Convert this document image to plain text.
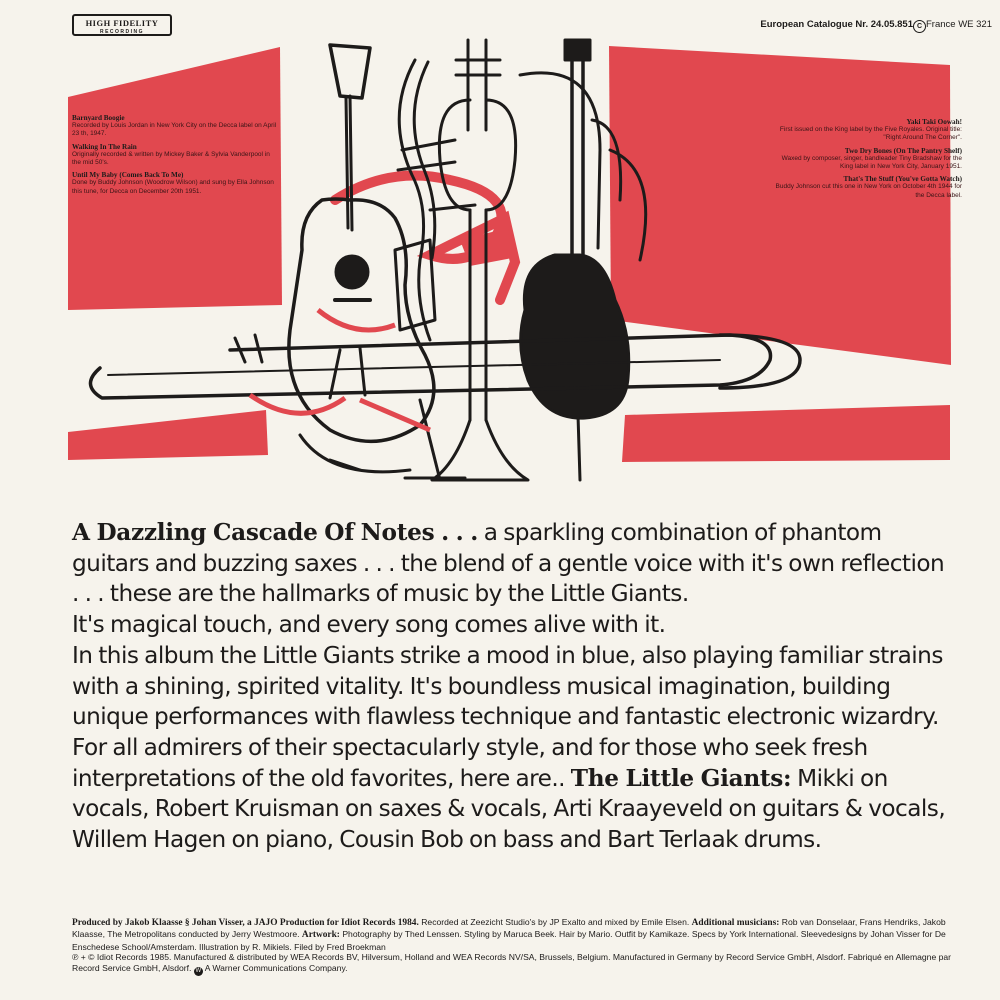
HIGH FIDELITY
RECORDING
European Catalogue Nr. 24.05.851 C France WE 321
Barnyard Boogie
Recorded by Louis Jordan in New York City on the Decca label on April 23 th, 1947.
Walking In The Rain
Originally recorded & written by Mickey Baker & Sylvia Vanderpool in the mid 50's.
Until My Baby (Comes Back To Me)
Done by Buddy Johnson (Woodrow Wilson) and sung by Ella Johnson this tune, for Decca on December 20th 1951.
Yaki Taki Oowah!
First issued on the King label by the Five Royales. Original title: "Right Around The Corner".
Two Dry Bones (On The Pantry Shelf)
Waxed by composer, singer, bandleader Tiny Bradshaw for the King label in New York City, January 1951.
That's The Stuff (You've Gotta Watch)
Buddy Johnson cut this one in New York on October 4th 1944 for the Decca label.
A Dazzling Cascade Of Notes . . . a sparkling combination of phantom guitars and buzzing saxes . . . the blend of a gentle voice with it's own reflection . . . these are the hallmarks of music by the Little Giants.
It's magical touch, and every song comes alive with it.
In this album the Little Giants strike a mood in blue, also playing familiar strains with a shining, spirited vitality. It's boundless musical imagination, building unique performances with flawless technique and fantastic electronic wizardry. For all admirers of their spectacularly style, and for those who seek fresh interpretations of the old favorites, here are.. The Little Giants: Mikki on vocals, Robert Kruisman on saxes & vocals, Arti Kraayeveld on guitars & vocals, Willem Hagen on piano, Cousin Bob on bass and Bart Terlaak drums.
Produced by Jakob Klaasse § Johan Visser, a JAJO Production for Idiot Records 1984. Recorded at Zeezicht Studio's by JP Exalto and mixed by Emile Elsen. Additional musicians: Rob van Donselaar, Frans Hendriks, Jakob Klaasse, The Metropolitans conducted by Jerry Westmoore. Artwork: Photography by Thed Lenssen. Styling by Maruca Beek. Hair by Mario. Outfit by Kamikaze. Specs by York International. Sleevedesigns by Johan Visser for De Enschedese School/Amsterdam. Illustration by R. Mikiels. Filed by Fred Broekman
℗ + © Idiot Records 1985. Manufactured & distributed by WEA Records BV, Hilversum, Holland and WEA Records NV/SA, Brussels, Belgium. Manufactured in Germany by Record Service GmbH, Alsdorf. Fabriqué en Allemagne par Record Service GmbH, Alsdorf. W A Warner Communications Company.
